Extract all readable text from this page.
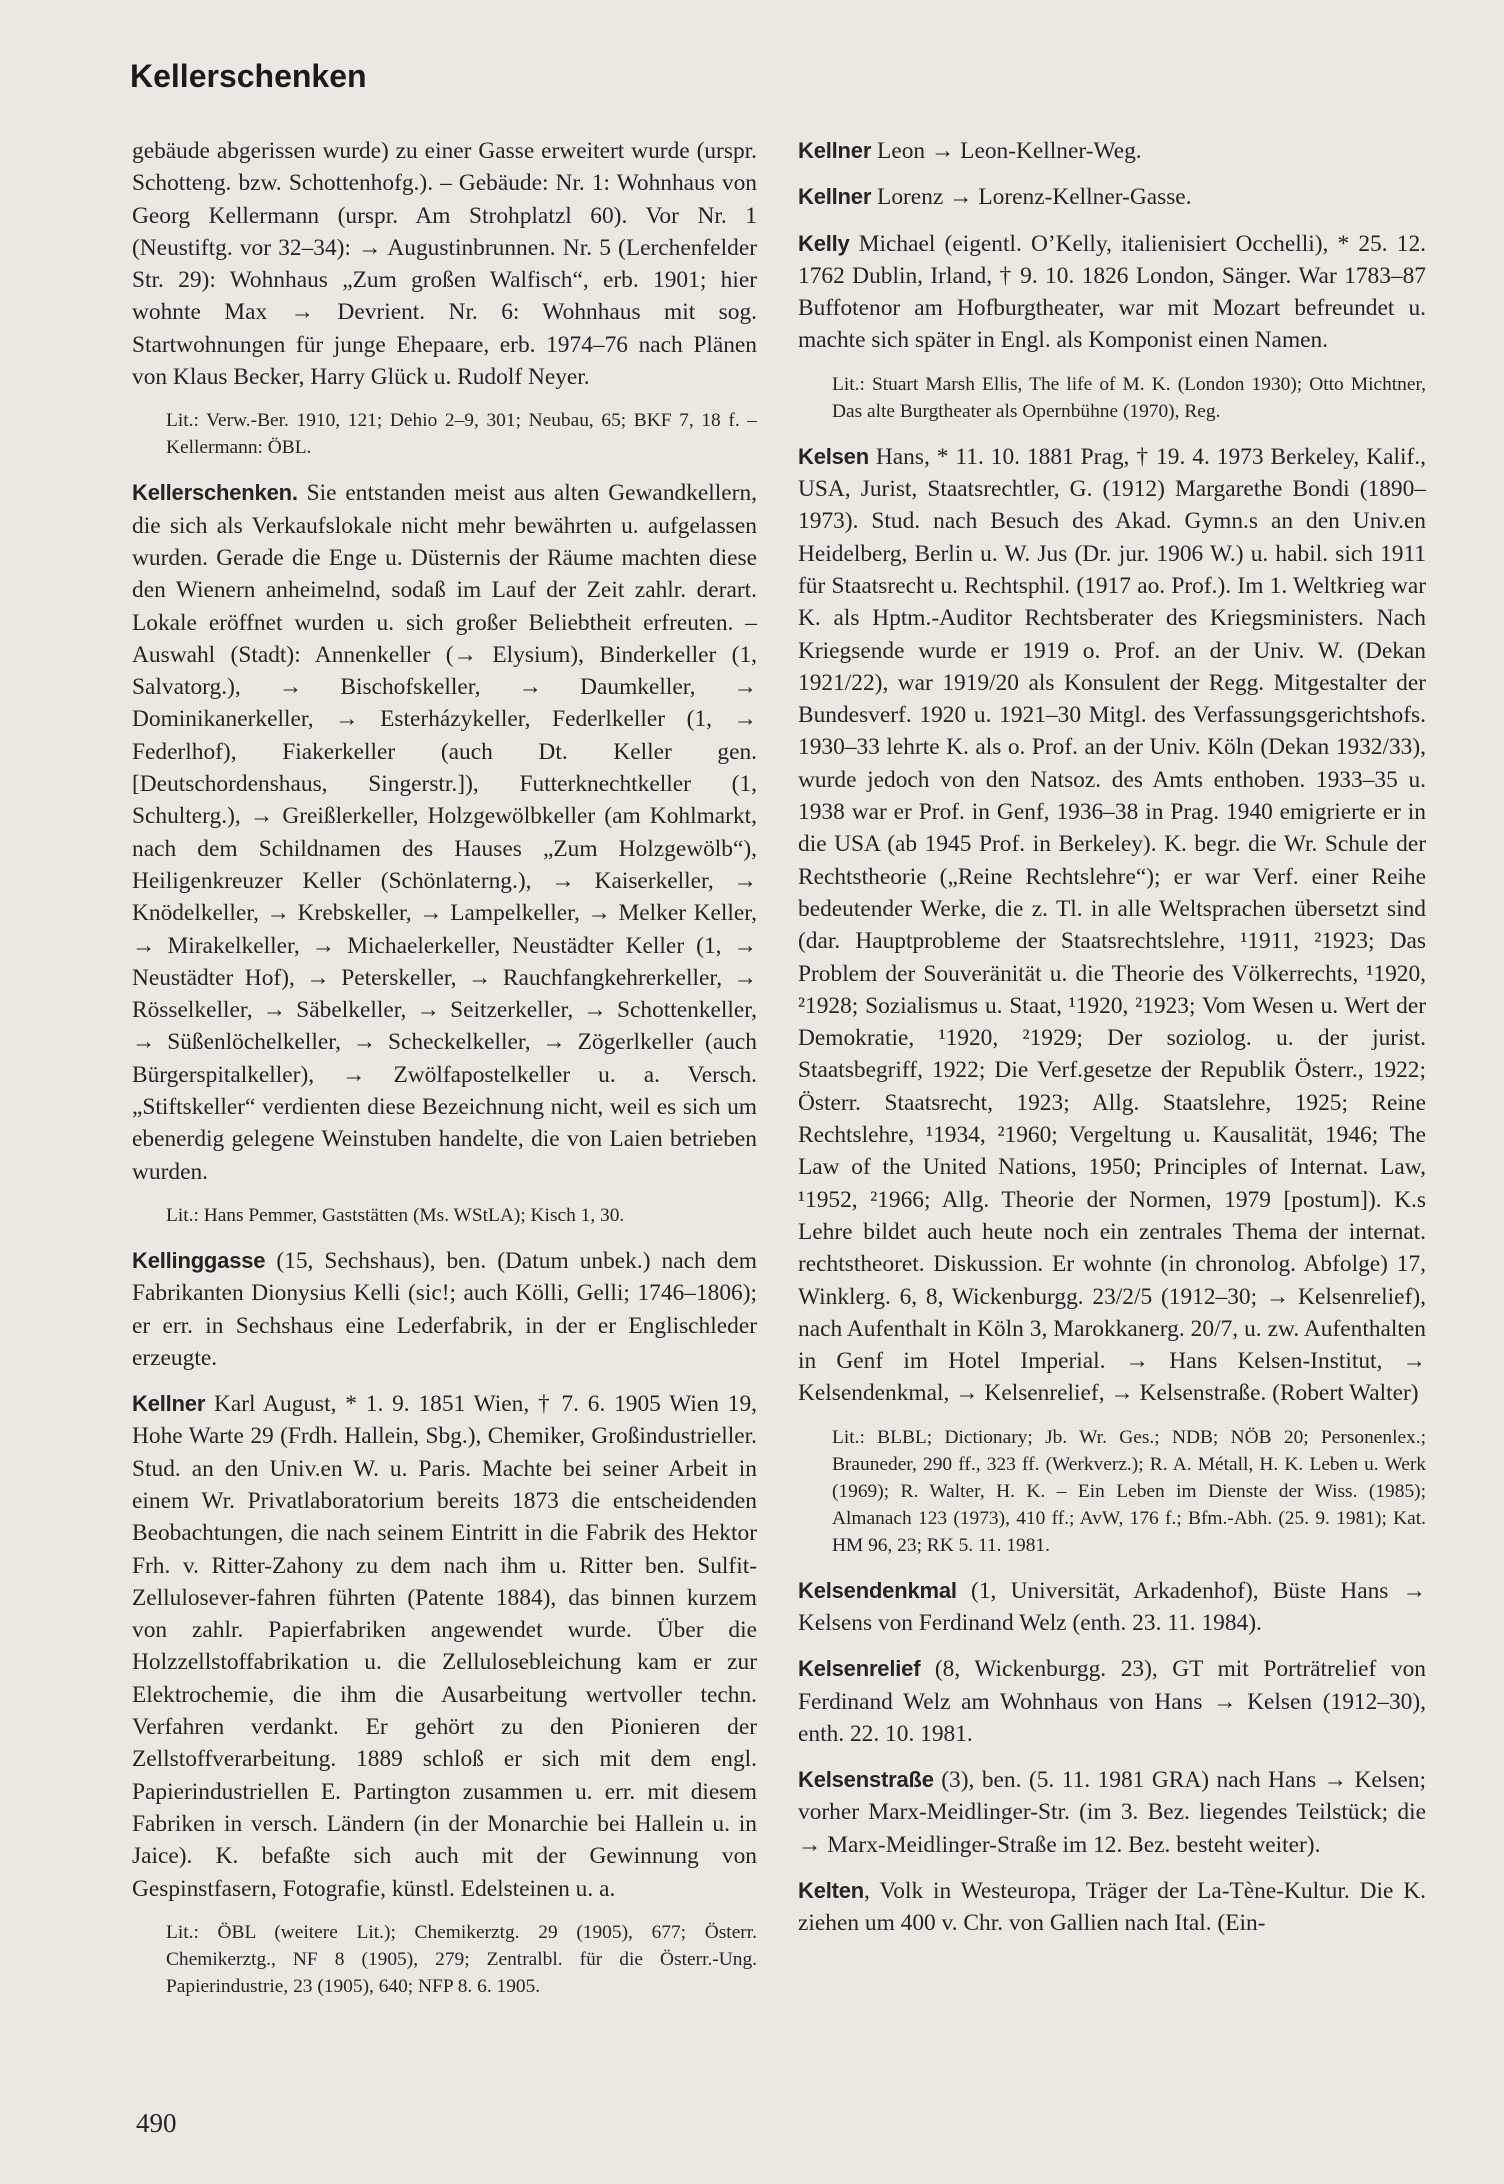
Kellerschenken

gebäude abgerissen wurde) zu einer Gasse erweitert wurde (urspr. Schotteng. bzw. Schottenhofg.). – Gebäude: Nr. 1: Wohnhaus von Georg Kellermann (urspr. Am Strohplatzl 60). Vor Nr. 1 (Neustiftg. vor 32–34): → Augustinbrunnen. Nr. 5 (Lerchenfelder Str. 29): Wohnhaus „Zum großen Walfisch“, erb. 1901; hier wohnte Max → Devrient. Nr. 6: Wohnhaus mit sog. Startwohnungen für junge Ehepaare, erb. 1974–76 nach Plänen von Klaus Becker, Harry Glück u. Rudolf Neyer.

Lit.: Verw.-Ber. 1910, 121; Dehio 2–9, 301; Neubau, 65; BKF 7, 18 f. – Kellermann: ÖBL.

Kellerschenken. Sie entstanden meist aus alten Gewandkellern, die sich als Verkaufslokale nicht mehr bewährten u. aufgelassen wurden. Gerade die Enge u. Düsternis der Räume machten diese den Wienern anheimelnd, sodaß im Lauf der Zeit zahlr. derart. Lokale eröffnet wurden u. sich großer Beliebtheit erfreuten. – Auswahl (Stadt): Annenkeller (→ Elysium), Binderkeller (1, Salvatorg.), → Bischofskeller, → Daumkeller, → Dominikanerkeller, → Esterházykeller, Federlkeller (1, → Federlhof), Fiakerkeller (auch Dt. Keller gen. [Deutschordenshaus, Singerstr.]), Futterknechtkeller (1, Schulterg.), → Greißlerkeller, Holzgewölbkeller (am Kohlmarkt, nach dem Schildnamen des Hauses „Zum Holzgewölb“), Heiligenkreuzer Keller (Schönlaterng.), → Kaiserkeller, → Knödelkeller, → Krebskeller, → Lampelkeller, → Melker Keller, → Mirakelkeller, → Michaelerkeller, Neustädter Keller (1, → Neustädter Hof), → Peterskeller, → Rauchfangkehrerkeller, → Rösselkeller, → Säbelkeller, → Seitzerkeller, → Schottenkeller, → Süßenlöchelkeller, → Scheckelkeller, → Zögerlkeller (auch Bürgerspitalkeller), → Zwölfapostelkeller u. a. Versch. „Stiftskeller“ verdienten diese Bezeichnung nicht, weil es sich um ebenerdig gelegene Weinstuben handelte, die von Laien betrieben wurden.

Lit.: Hans Pemmer, Gaststätten (Ms. WStLA); Kisch 1, 30.

Kellinggasse (15, Sechshaus), ben. (Datum unbek.) nach dem Fabrikanten Dionysius Kelli (sic!; auch Kölli, Gelli; 1746–1806); er err. in Sechshaus eine Lederfabrik, in der er Englischleder erzeugte.

Kellner Karl August, * 1. 9. 1851 Wien, † 7. 6. 1905 Wien 19, Hohe Warte 29 (Frdh. Hallein, Sbg.), Chemiker, Großindustrieller. Stud. an den Univ.en W. u. Paris. Machte bei seiner Arbeit in einem Wr. Privatlaboratorium bereits 1873 die entscheidenden Beobachtungen, die nach seinem Eintritt in die Fabrik des Hektor Frh. v. Ritter-Zahony zu dem nach ihm u. Ritter ben. Sulfit-Zellulosever-fahren führten (Patente 1884), das binnen kurzem von zahlr. Papierfabriken angewendet wurde. Über die Holzzellstoffabrikation u. die Zellulosebleichung kam er zur Elektrochemie, die ihm die Ausarbeitung wertvoller techn. Verfahren verdankt. Er gehört zu den Pionieren der Zellstoffverarbeitung. 1889 schloß er sich mit dem engl. Papierindustriellen E. Partington zusammen u. err. mit diesem Fabriken in versch. Ländern (in der Monarchie bei Hallein u. in Jaice). K. befaßte sich auch mit der Gewinnung von Gespinstfasern, Fotografie, künstl. Edelsteinen u. a.

Lit.: ÖBL (weitere Lit.); Chemikerztg. 29 (1905), 677; Österr. Chemikerztg., NF 8 (1905), 279; Zentralbl. für die Österr.-Ung. Papierindustrie, 23 (1905), 640; NFP 8. 6. 1905.

Kellner Leon → Leon-Kellner-Weg.

Kellner Lorenz → Lorenz-Kellner-Gasse.

Kelly Michael (eigentl. O’Kelly, italienisiert Occhelli), * 25. 12. 1762 Dublin, Irland, † 9. 10. 1826 London, Sänger. War 1783–87 Buffotenor am Hofburgtheater, war mit Mozart befreundet u. machte sich später in Engl. als Komponist einen Namen.

Lit.: Stuart Marsh Ellis, The life of M. K. (London 1930); Otto Michtner, Das alte Burgtheater als Opernbühne (1970), Reg.

Kelsen Hans, * 11. 10. 1881 Prag, † 19. 4. 1973 Berkeley, Kalif., USA, Jurist, Staatsrechtler, G. (1912) Margarethe Bondi (1890–1973). Stud. nach Besuch des Akad. Gymn.s an den Univ.en Heidelberg, Berlin u. W. Jus (Dr. jur. 1906 W.) u. habil. sich 1911 für Staatsrecht u. Rechtsphil. (1917 ao. Prof.). Im 1. Weltkrieg war K. als Hptm.-Auditor Rechtsberater des Kriegsministers. Nach Kriegsende wurde er 1919 o. Prof. an der Univ. W. (Dekan 1921/22), war 1919/20 als Konsulent der Regg. Mitgestalter der Bundesverf. 1920 u. 1921–30 Mitgl. des Verfassungsgerichtshofs. 1930–33 lehrte K. als o. Prof. an der Univ. Köln (Dekan 1932/33), wurde jedoch von den Natsoz. des Amts enthoben. 1933–35 u. 1938 war er Prof. in Genf, 1936–38 in Prag. 1940 emigrierte er in die USA (ab 1945 Prof. in Berkeley). K. begr. die Wr. Schule der Rechtstheorie („Reine Rechtslehre“); er war Verf. einer Reihe bedeutender Werke, die z. Tl. in alle Weltsprachen übersetzt sind (dar. Hauptprobleme der Staatsrechtslehre, ¹1911, ²1923; Das Problem der Souveränität u. die Theorie des Völkerrechts, ¹1920, ²1928; Sozialismus u. Staat, ¹1920, ²1923; Vom Wesen u. Wert der Demokratie, ¹1920, ²1929; Der soziolog. u. der jurist. Staatsbegriff, 1922; Die Verf.gesetze der Republik Österr., 1922; Österr. Staatsrecht, 1923; Allg. Staatslehre, 1925; Reine Rechtslehre, ¹1934, ²1960; Vergeltung u. Kausalität, 1946; The Law of the United Nations, 1950; Principles of Internat. Law, ¹1952, ²1966; Allg. Theorie der Normen, 1979 [postum]). K.s Lehre bildet auch heute noch ein zentrales Thema der internat. rechtstheoret. Diskussion. Er wohnte (in chronolog. Abfolge) 17, Winklerg. 6, 8, Wickenburgg. 23/2/5 (1912–30; → Kelsenrelief), nach Aufenthalt in Köln 3, Marokkanerg. 20/7, u. zw. Aufenthalten in Genf im Hotel Imperial. → Hans Kelsen-Institut, → Kelsendenkmal, → Kelsenrelief, → Kelsenstraße. (Robert Walter)

Lit.: BLBL; Dictionary; Jb. Wr. Ges.; NDB; NÖB 20; Personenlex.; Brauneder, 290 ff., 323 ff. (Werkverz.); R. A. Métall, H. K. Leben u. Werk (1969); R. Walter, H. K. – Ein Leben im Dienste der Wiss. (1985); Almanach 123 (1973), 410 ff.; AvW, 176 f.; Bfm.-Abh. (25. 9. 1981); Kat. HM 96, 23; RK 5. 11. 1981.

Kelsendenkmal (1, Universität, Arkadenhof), Büste Hans → Kelsens von Ferdinand Welz (enth. 23. 11. 1984).

Kelsenrelief (8, Wickenburgg. 23), GT mit Porträtrelief von Ferdinand Welz am Wohnhaus von Hans → Kelsen (1912–30), enth. 22. 10. 1981.

Kelsenstraße (3), ben. (5. 11. 1981 GRA) nach Hans → Kelsen; vorher Marx-Meidlinger-Str. (im 3. Bez. liegendes Teilstück; die → Marx-Meidlinger-Straße im 12. Bez. besteht weiter).

Kelten, Volk in Westeuropa, Träger der La-Tène-Kultur. Die K. ziehen um 400 v. Chr. von Gallien nach Ital. (Ein-

490
